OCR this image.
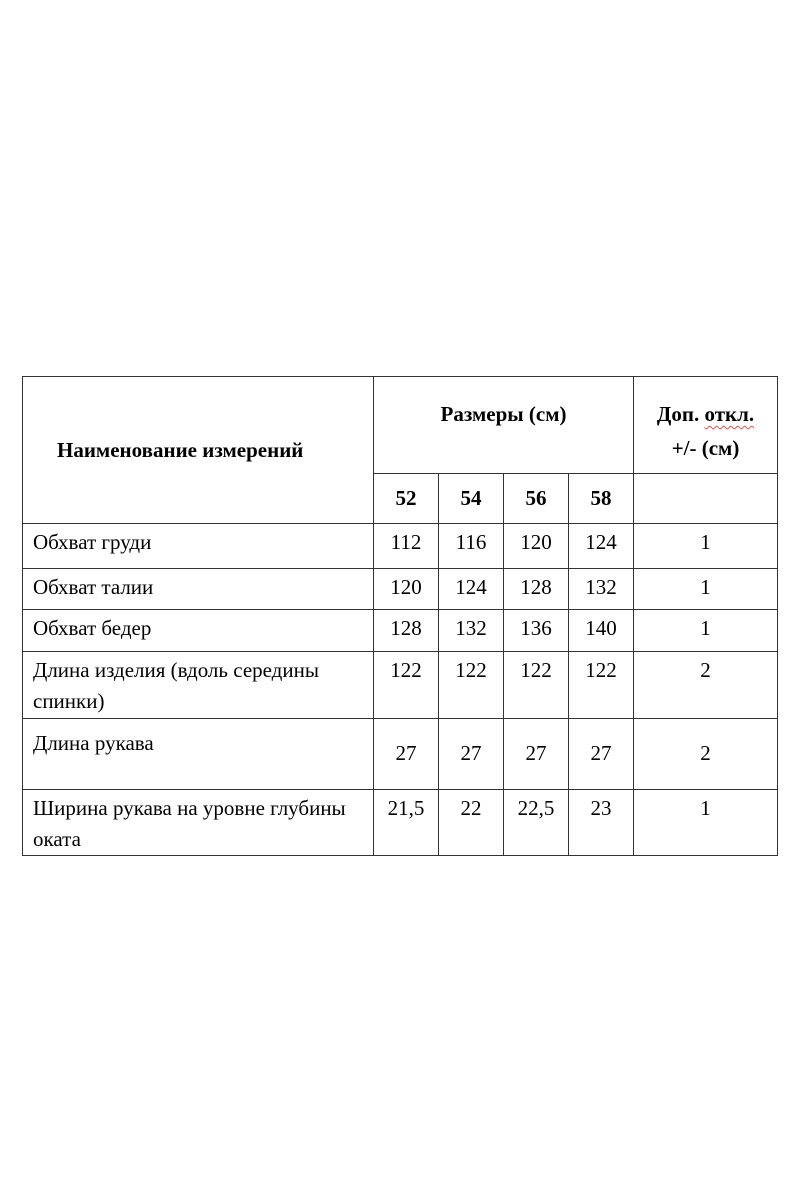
Наименование измерений	Размеры (см)				Доп. откл.
+/- (см)
	52	54	56	58	
Обхват груди	112	116	120	124	1
Обхват талии	120	124	128	132	1
Обхват бедер	128	132	136	140	1
Длина изделия (вдоль середины спинки)	122	122	122	122	2
Длина рукава	27	27	27	27	2
Ширина рукава на уровне глубины оката	21,5	22	22,5	23	1
